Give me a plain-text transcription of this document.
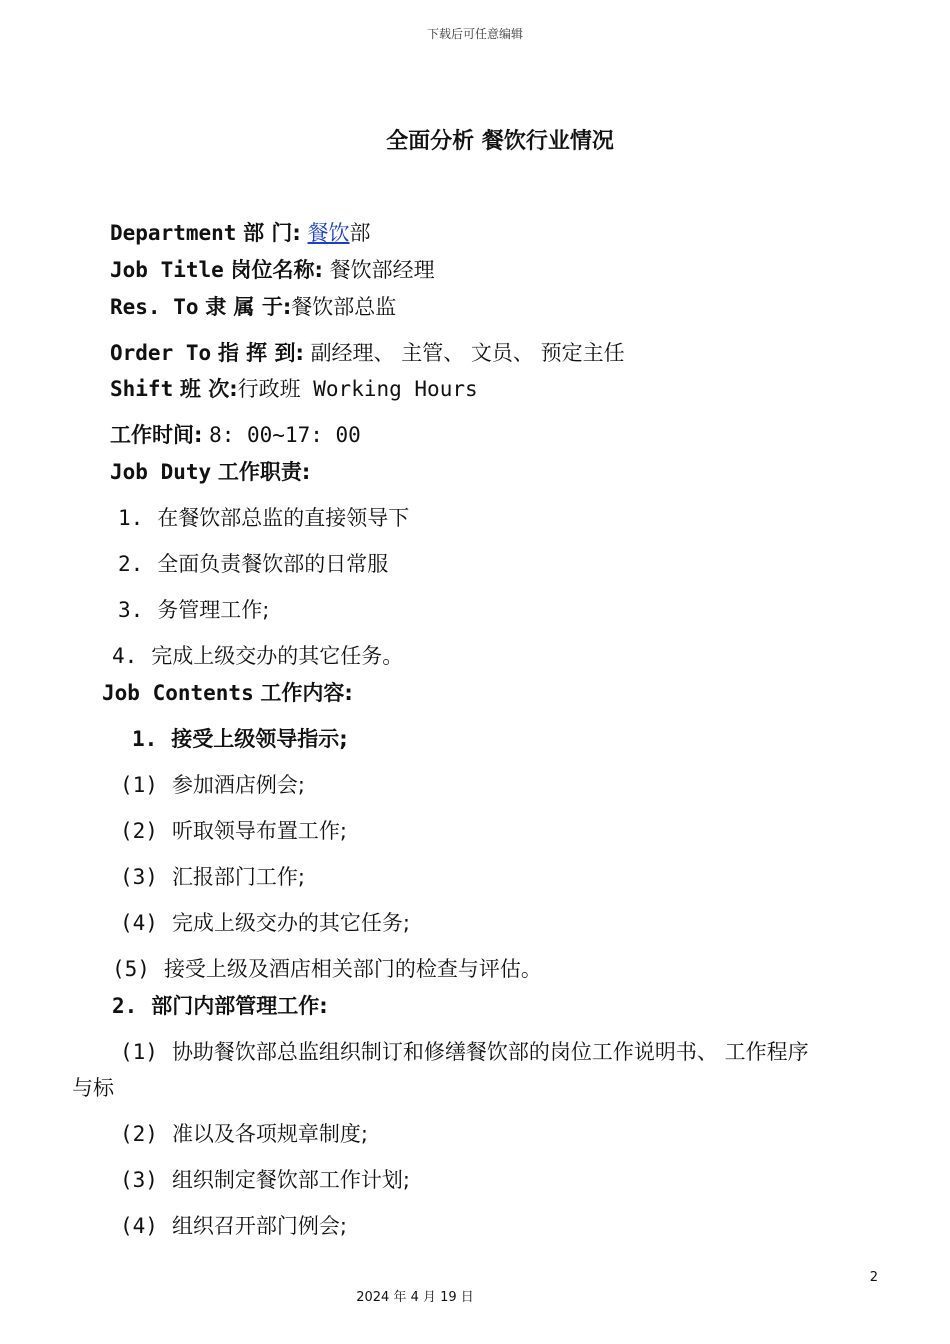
下载后可任意编辑
全面分析 餐饮行业情况
Department 部 门: 餐饮部
Job Title 岗位名称: 餐饮部经理
Res. To 隶 属 于:餐饮部总监
Order To 指 挥 到: 副经理、 主管、 文员、 预定主任
Shift 班 次:行政班 Working Hours
工作时间: 8: 00~17: 00
Job Duty 工作职责:
1. 在餐饮部总监的直接领导下
2. 全面负责餐饮部的日常服
3. 务管理工作;
4. 完成上级交办的其它任务。
Job Contents 工作内容:
1. 接受上级领导指示;
(1) 参加酒店例会;
(2) 听取领导布置工作;
(3) 汇报部门工作;
(4) 完成上级交办的其它任务;
(5) 接受上级及酒店相关部门的检查与评估。
2. 部门内部管理工作:
(1) 协助餐饮部总监组织制订和修缮餐饮部的岗位工作说明书、 工作程序
与标
(2) 准以及各项规章制度;
(3) 组织制定餐饮部工作计划;
(4) 组织召开部门例会;
2
2024 年 4 月 19 日
